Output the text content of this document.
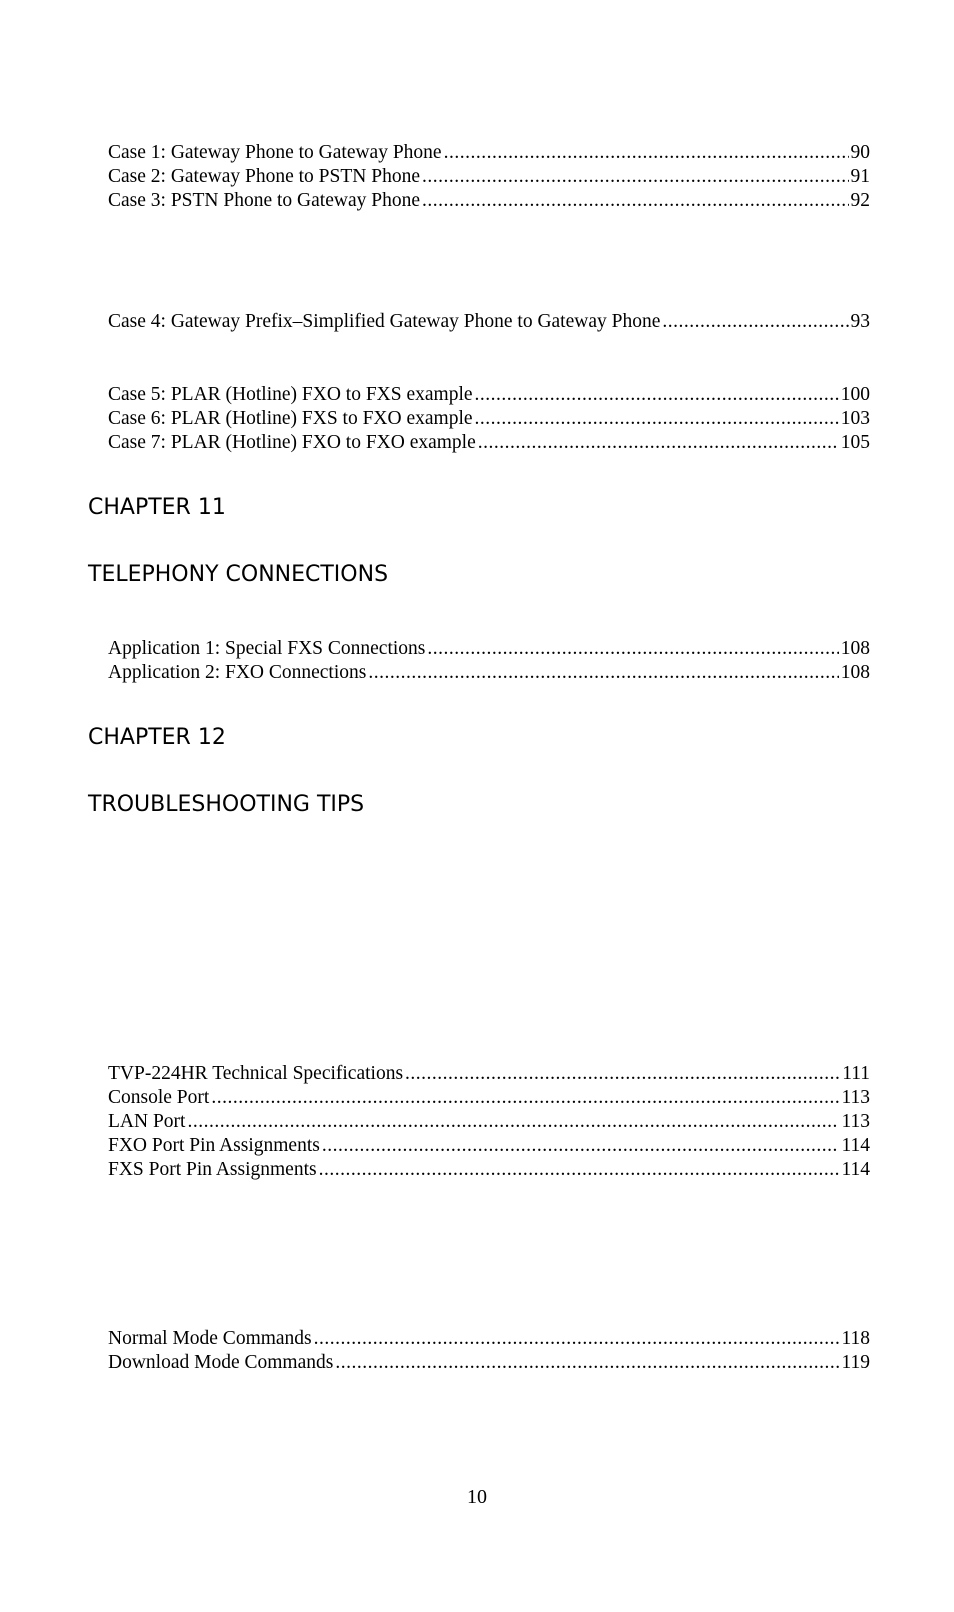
Case 1: Gateway Phone to Gateway Phone .....	90
Case 2: Gateway Phone to PSTN Phone .....	91
Case 3: PSTN Phone to Gateway Phone .....	92
Case 4: Gateway Prefix–Simplified Gateway Phone to Gateway Phone .....	93
Case 5: PLAR (Hotline) FXO to FXS example .....	100
Case 6: PLAR (Hotline) FXS to FXO example .....	103
Case 7: PLAR (Hotline) FXO to FXO example .....	105
CHAPTER 11
TELEPHONY CONNECTIONS
Application 1: Special FXS Connections .....	108
Application 2: FXO Connections .....	108
CHAPTER 12
TROUBLESHOOTING TIPS
TVP-224HR Technical Specifications .....	111
Console Port .....	113
LAN Port .....	113
FXO Port Pin Assignments .....	114
FXS Port Pin Assignments .....	114
Normal Mode Commands .....	118
Download Mode Commands .....	119
10
